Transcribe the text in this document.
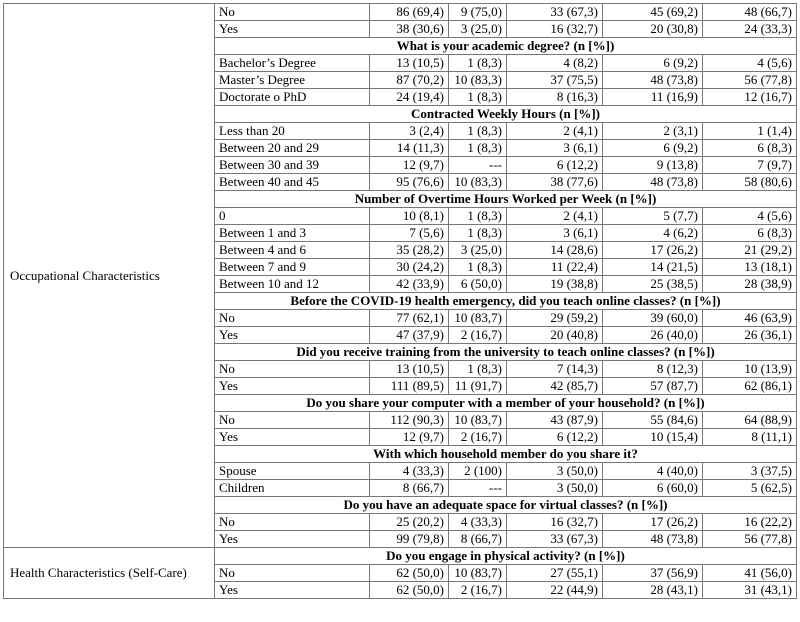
Occupational Characteristics	No	86 (69,4)	9 (75,0)	33 (67,3)	45 (69,2)	48 (66,7)
	Yes	38 (30,6)	3 (25,0)	16 (32,7)	20 (30,8)	24 (33,3)
	What is your academic degree? (n [%])					
	Bachelor’s Degree	13 (10,5)	1 (8,3)	4 (8,2)	6 (9,2)	4 (5,6)
	Master’s Degree	87 (70,2)	10 (83,3)	37 (75,5)	48 (73,8)	56 (77,8)
	Doctorate o PhD	24 (19,4)	1 (8,3)	8 (16,3)	11 (16,9)	12 (16,7)
	Contracted Weekly Hours (n [%])					
	Less than 20	3 (2,4)	1 (8,3)	2 (4,1)	2 (3,1)	1 (1,4)
	Between 20 and 29	14 (11,3)	1 (8,3)	3 (6,1)	6 (9,2)	6 (8,3)
	Between 30 and 39	12 (9,7)	---	6 (12,2)	9 (13,8)	7 (9,7)
	Between 40 and 45	95 (76,6)	10 (83,3)	38 (77,6)	48 (73,8)	58 (80,6)
	Number of Overtime Hours Worked per Week (n [%])					
	0	10 (8,1)	1 (8,3)	2 (4,1)	5 (7,7)	4 (5,6)
	Between 1 and 3	7 (5,6)	1 (8,3)	3 (6,1)	4 (6,2)	6 (8,3)
	Between 4 and 6	35 (28,2)	3 (25,0)	14 (28,6)	17 (26,2)	21 (29,2)
	Between 7 and 9	30 (24,2)	1 (8,3)	11 (22,4)	14 (21,5)	13 (18,1)
	Between 10 and 12	42 (33,9)	6 (50,0)	19 (38,8)	25 (38,5)	28 (38,9)
	Before the COVID-19 health emergency, did you teach online classes? (n [%])					
	No	77 (62,1)	10 (83,7)	29 (59,2)	39 (60,0)	46 (63,9)
	Yes	47 (37,9)	2 (16,7)	20 (40,8)	26 (40,0)	26 (36,1)
	Did you receive training from the university to teach online classes? (n [%])					
	No	13 (10,5)	1 (8,3)	7 (14,3)	8 (12,3)	10 (13,9)
	Yes	111 (89,5)	11 (91,7)	42 (85,7)	57 (87,7)	62 (86,1)
	Do you share your computer with a member of your household? (n [%])					
	No	112 (90,3)	10 (83,7)	43 (87,9)	55 (84,6)	64 (88,9)
	Yes	12 (9,7)	2 (16,7)	6 (12,2)	10 (15,4)	8 (11,1)
	With which household member do you share it?					
	Spouse	4 (33,3)	2 (100)	3 (50,0)	4 (40,0)	3 (37,5)
	Children	8 (66,7)	---	3 (50,0)	6 (60,0)	5 (62,5)
	Do you have an adequate space for virtual classes? (n [%])					
	No	25 (20,2)	4 (33,3)	16 (32,7)	17 (26,2)	16 (22,2)
	Yes	99 (79,8)	8 (66,7)	33 (67,3)	48 (73,8)	56 (77,8)
Health Characteristics (Self-Care)	Do you engage in physical activity? (n [%])					
	No	62 (50,0)	10 (83,7)	27 (55,1)	37 (56,9)	41 (56,0)
	Yes	62 (50,0)	2 (16,7)	22 (44,9)	28 (43,1)	31 (43,1)
